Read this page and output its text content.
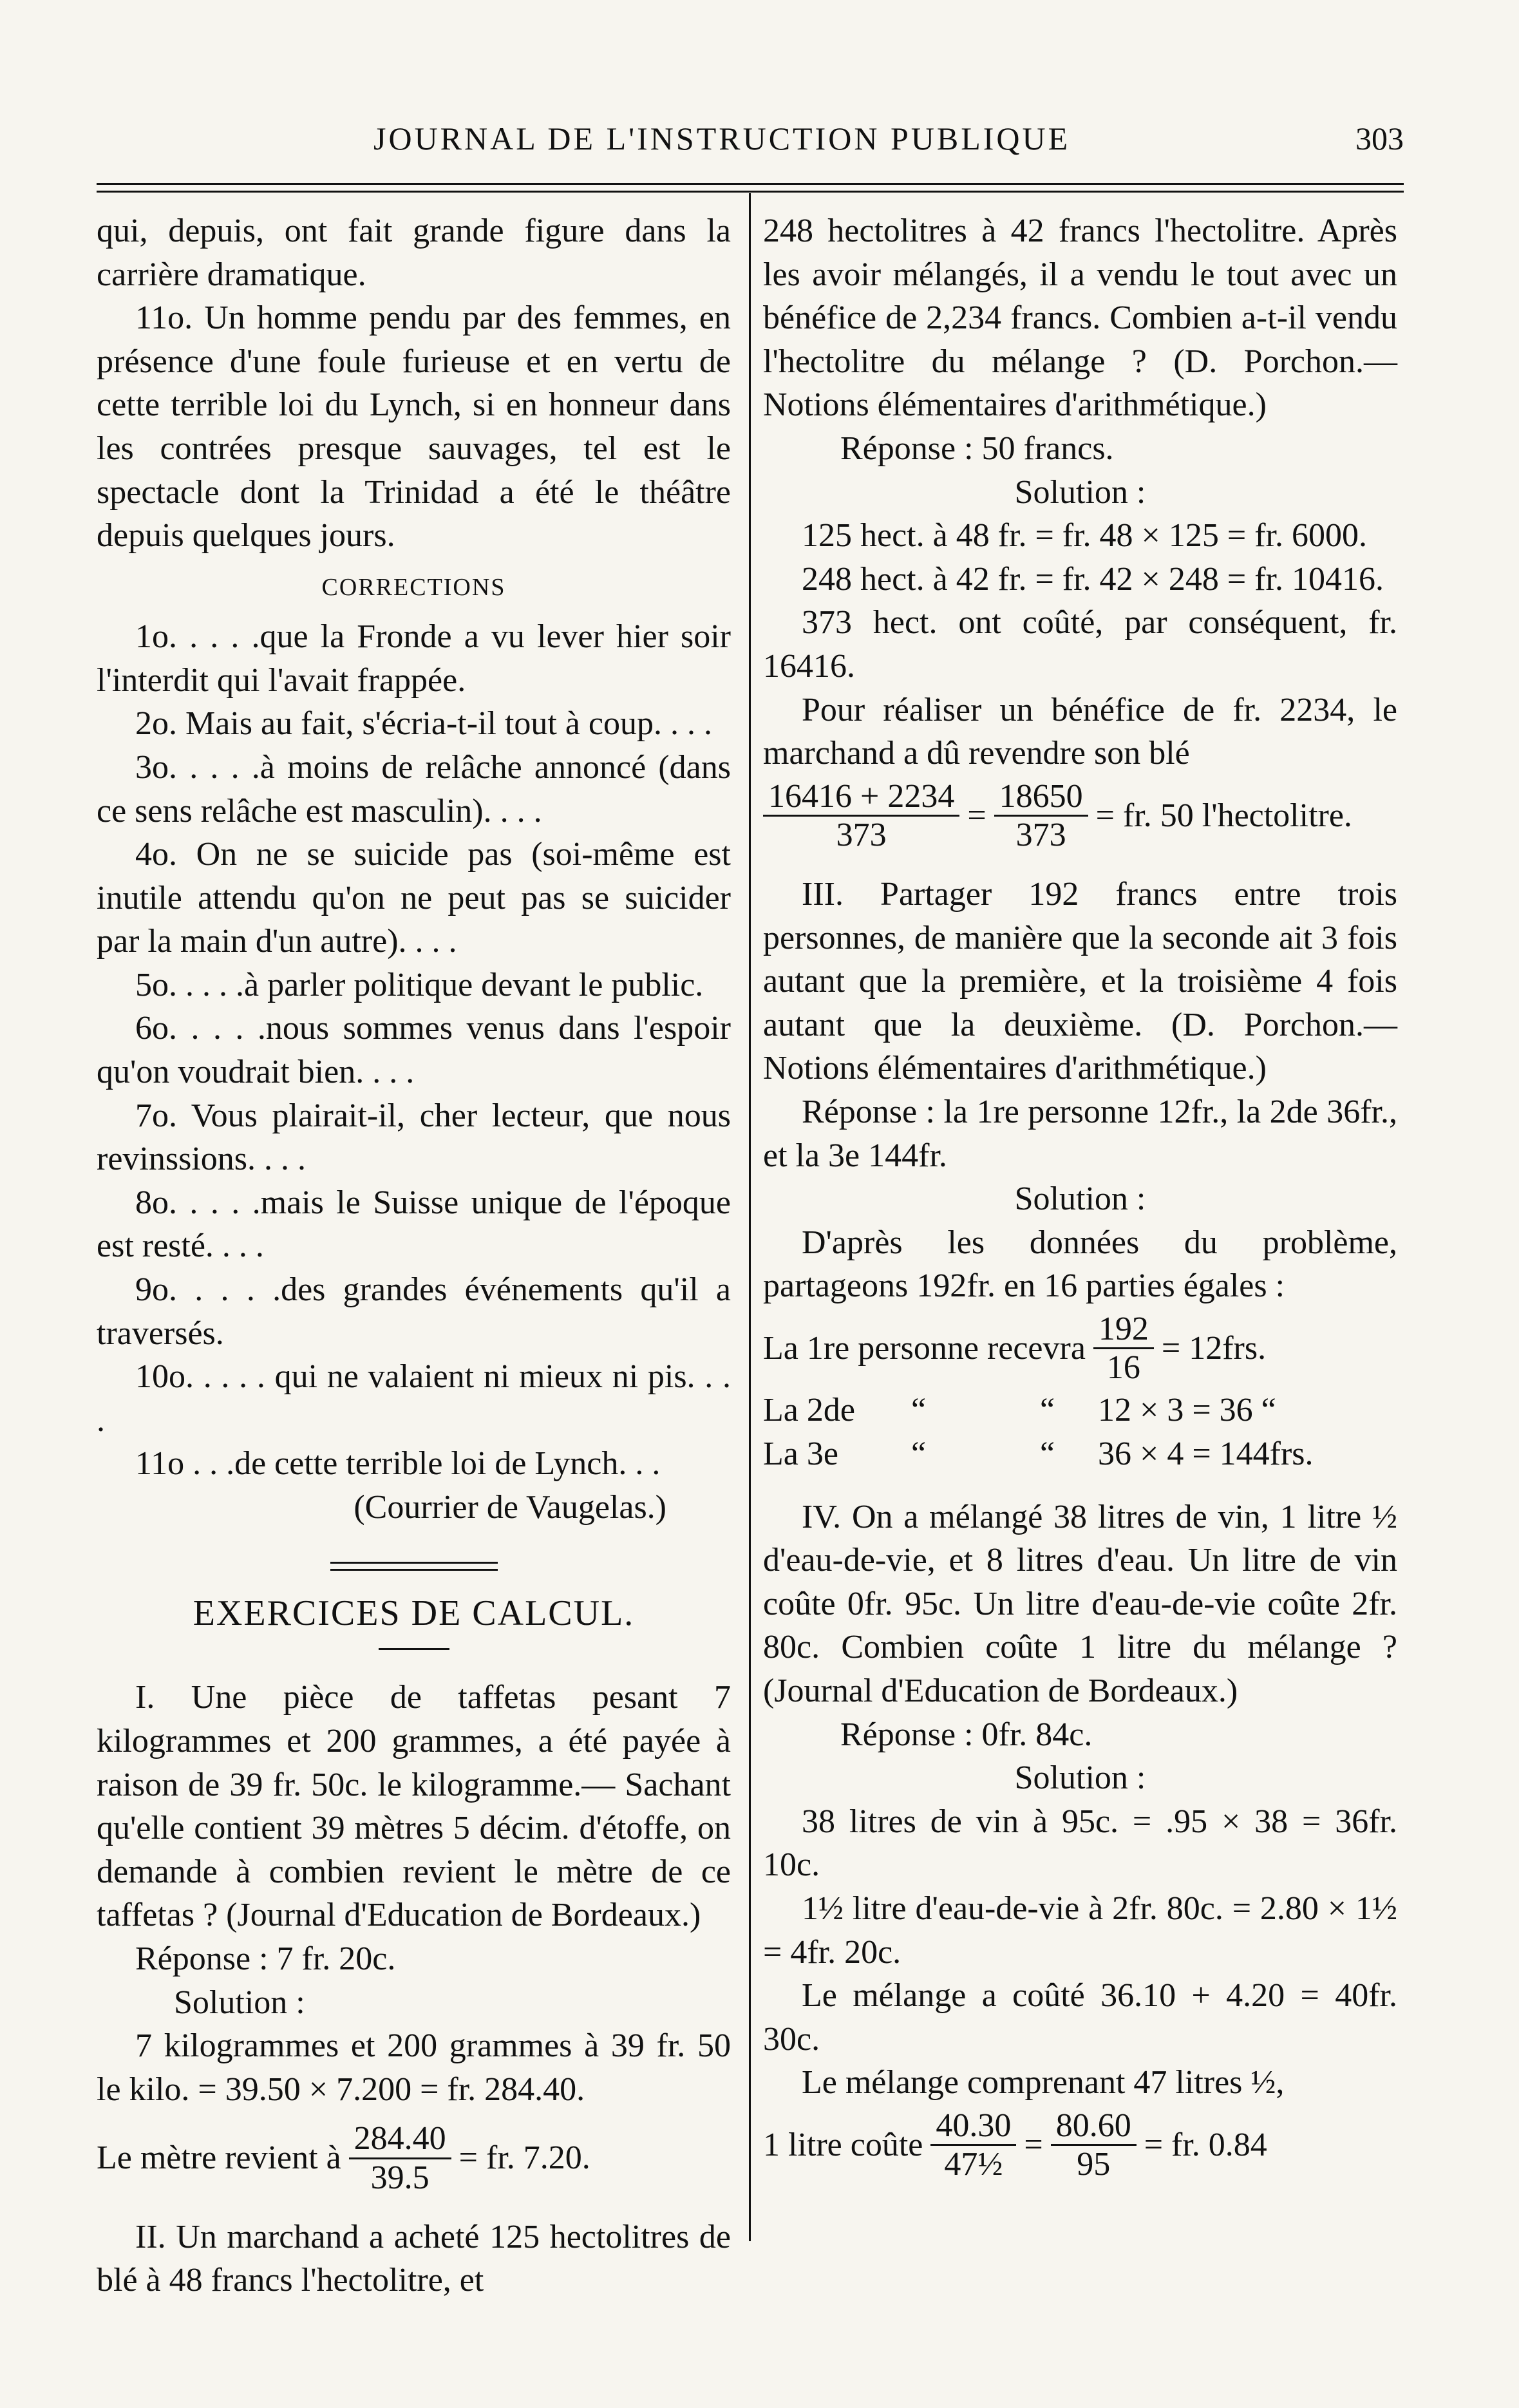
JOURNAL DE L'INSTRUCTION PUBLIQUE	303

qui, depuis, ont fait grande figure dans la carrière dramatique.

11o. Un homme pendu par des femmes, en présence d'une foule furieuse et en vertu de cette terrible loi du Lynch, si en honneur dans les contrées presque sauvages, tel est le spectacle dont la Trinidad a été le théâtre depuis quelques jours.

CORRECTIONS

1o. . . . .que la Fronde a vu lever hier soir l'interdit qui l'avait frappée.

2o. Mais au fait, s'écria-t-il tout à coup. . . .

3o. . . . .à moins de relâche annoncé (dans ce sens relâche est masculin). . . .

4o. On ne se suicide pas (soi-même est inutile attendu qu'on ne peut pas se suicider par la main d'un autre). . . .

5o. . . . .à parler politique devant le public.

6o. . . . .nous sommes venus dans l'espoir qu'on voudrait bien. . . .

7o. Vous plairait-il, cher lecteur, que nous revinssions. . . .

8o. . . . .mais le Suisse unique de l'époque est resté. . . .

9o. . . . .des grandes événements qu'il a traversés.

10o. . . . . qui ne valaient ni mieux ni pis. . . .

11o . . .de cette terrible loi de Lynch. . .

(Courrier de Vaugelas.)

EXERCICES DE CALCUL.

I. Une pièce de taffetas pesant 7 kilogrammes et 200 grammes, a été payée à raison de 39 fr. 50c. le kilogramme.— Sachant qu'elle contient 39 mètres 5 décim. d'étoffe, on demande à combien revient le mètre de ce taffetas ? (Journal d'Education de Bordeaux.)

Réponse : 7 fr. 20c.

Solution :

7 kilogrammes et 200 grammes à 39 fr. 50 le kilo. = 39.50 × 7.200 = fr. 284.40.

Le mètre revient à $\frac{284.40}{39.5}$ = fr. 7.20.

II. Un marchand a acheté 125 hectolitres de blé à 48 francs l'hectolitre, et

248 hectolitres à 42 francs l'hectolitre. Après les avoir mélangés, il a vendu le tout avec un bénéfice de 2,234 francs. Combien a-t-il vendu l'hectolitre du mélange ? (D. Porchon.—Notions élémentaires d'arithmétique.)

Réponse : 50 francs.

Solution :

125 hect. à 48 fr. = fr. 48 × 125 = fr. 6000.

248 hect. à 42 fr. = fr. 42 × 248 = fr. 10416.

373 hect. ont coûté, par conséquent, fr. 16416.

Pour réaliser un bénéfice de fr. 2234, le marchand a dû revendre son blé

$\frac{16416 + 2234}{373} = \frac{18650}{373}$ = fr. 50 l'hectolitre.

III. Partager 192 francs entre trois personnes, de manière que la seconde ait 3 fois autant que la première, et la troisième 4 fois autant que la deuxième. (D. Porchon.—Notions élémentaires d'arithmétique.)

Réponse : la 1re personne 12fr., la 2de 36fr., et la 3e 144fr.

Solution :

D'après les données du problème, partageons 192fr. en 16 parties égales :

La 1re personne recevra $\frac{192}{16} = 12frs$.
La 2de	“	“	12 × 3 = 36 “
La 3e	“	“	36 × 4 = 144frs.

IV. On a mélangé 38 litres de vin, 1 litre ½ d'eau-de-vie, et 8 litres d'eau. Un litre de vin coûte 0fr. 95c. Un litre d'eau-de-vie coûte 2fr. 80c. Combien coûte 1 litre du mélange ? (Journal d'Education de Bordeaux.)

Réponse : 0fr. 84c.

Solution :

38 litres de vin à 95c. = .95 × 38 = 36fr. 10c.

1½ litre d'eau-de-vie à 2fr. 80c. = 2.80 × 1½ = 4fr. 20c.

Le mélange a coûté 36.10 + 4.20 = 40fr. 30c.

Le mélange comprenant 47 litres ½,

1 litre coûte $\frac{40.30}{\text{47½}} = \frac{80.60}{95}$ = fr. 0.84
